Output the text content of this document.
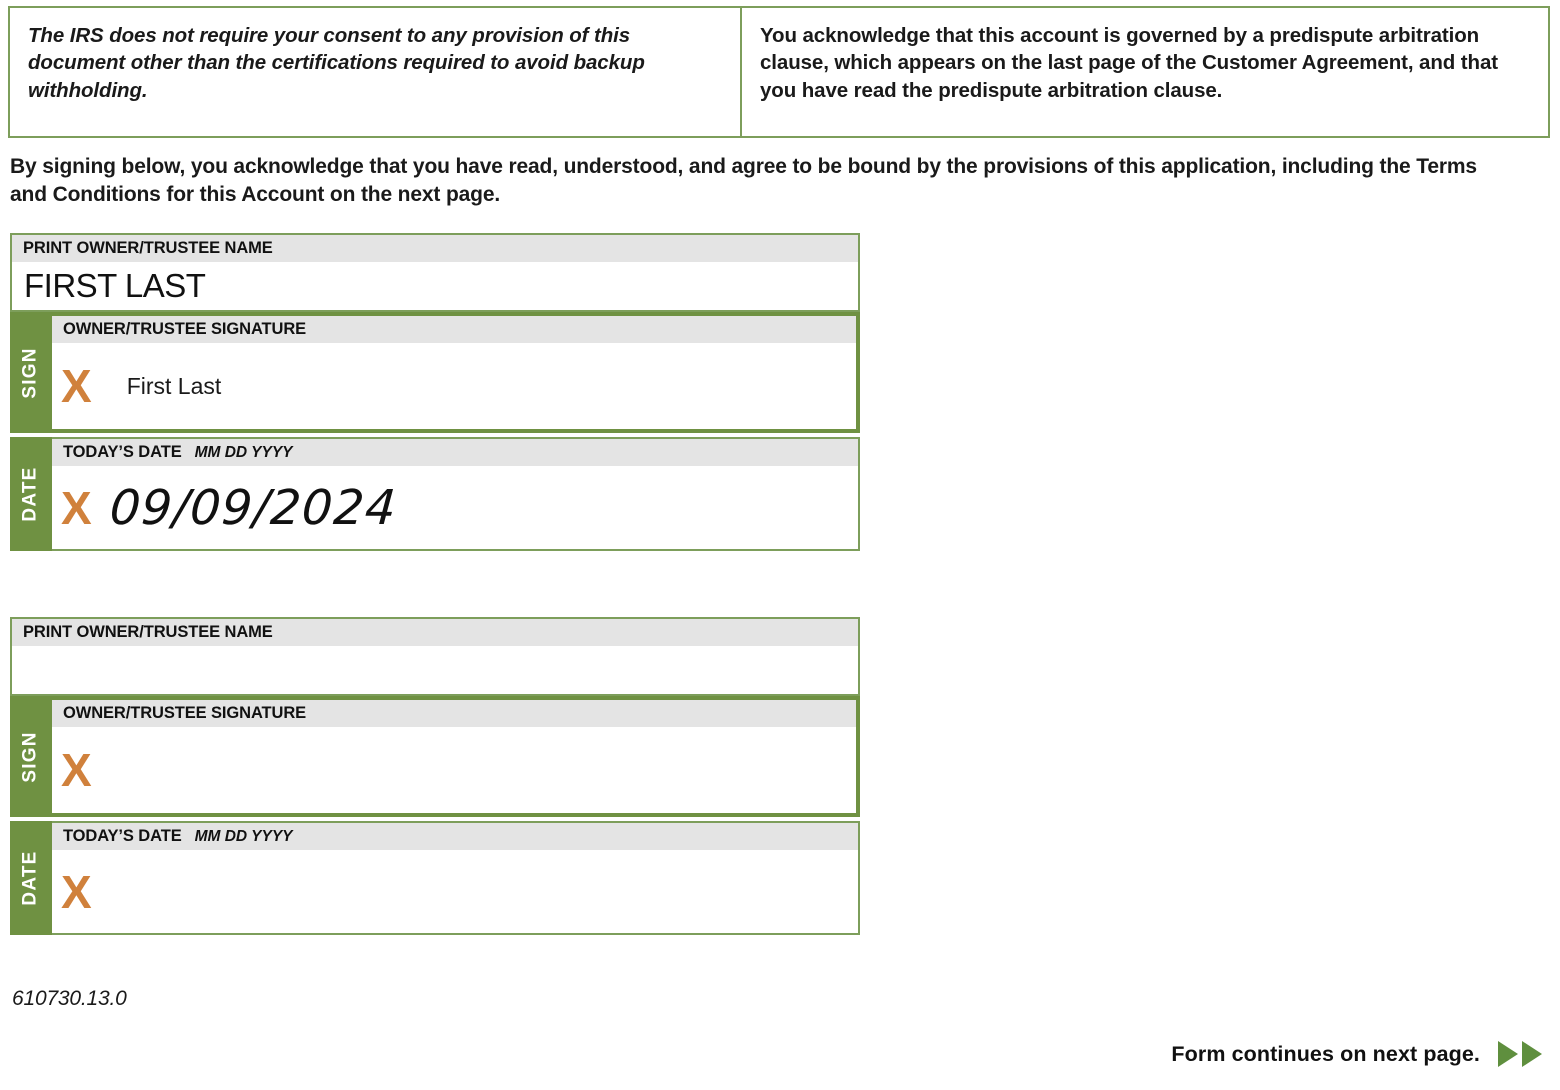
The IRS does not require your consent to any provision of this document other than the certifications required to avoid backup withholding.
You acknowledge that this account is governed by a predispute arbitration clause, which appears on the last page of the Customer Agreement, and that you have read the predispute arbitration clause.
By signing below, you acknowledge that you have read, understood, and agree to be bound by the provisions of this application, including the Terms and Conditions for this Account on the next page.
PRINT OWNER/TRUSTEE NAME
FIRST LAST
SIGN
OWNER/TRUSTEE SIGNATURE
X First Last
DATE
TODAY’S DATE MM DD YYYY
X 09/09/2024
PRINT OWNER/TRUSTEE NAME
SIGN
OWNER/TRUSTEE SIGNATURE
X
DATE
TODAY’S DATE MM DD YYYY
X
610730.13.0
Form continues on next page.
